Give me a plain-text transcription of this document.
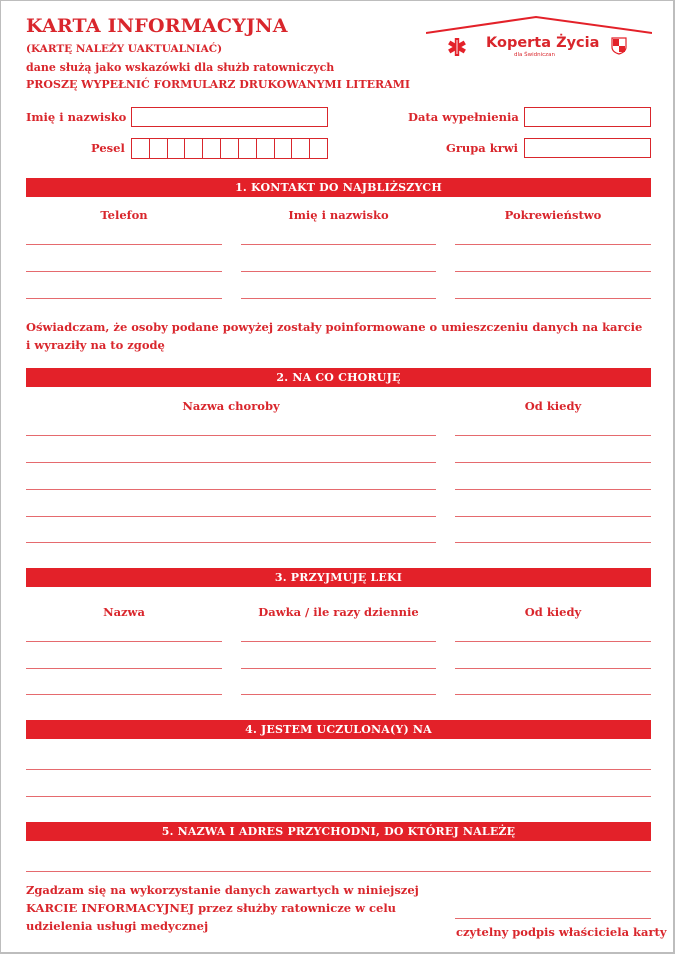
KARTA INFORMACYJNA
(KARTĘ NALEŻY UAKTUALNIAĆ)
dane służą jako wskazówki dla służb ratowniczych
PROSZĘ WYPEŁNIĆ FORMULARZ DRUKOWANYMI LITERAMI
Koperta Życia
dla Świdniczan
Imię i nazwisko	Data wypełnienia
Pesel	Grupa krwi
1. KONTAKT DO NAJBLIŻSZYCH
Telefon	Imię i nazwisko	Pokrewieństwo
Oświadczam, że osoby podane powyżej zostały poinformowane o umieszczeniu danych na karcie
i wyraziły na to zgodę
2. NA CO CHORUJĘ
Nazwa choroby	Od kiedy
3. PRZYJMUJĘ LEKI
Nazwa	Dawka / ile razy dziennie	Od kiedy
4. JESTEM UCZULONA(Y) NA
5. NAZWA I ADRES PRZYCHODNI, DO KTÓREJ NALEŻĘ
Zgadzam się na wykorzystanie danych zawartych w niniejszej
KARCIE INFORMACYJNEJ przez służby ratownicze w celu
udzielenia usługi medycznej	czytelny podpis właściciela karty
